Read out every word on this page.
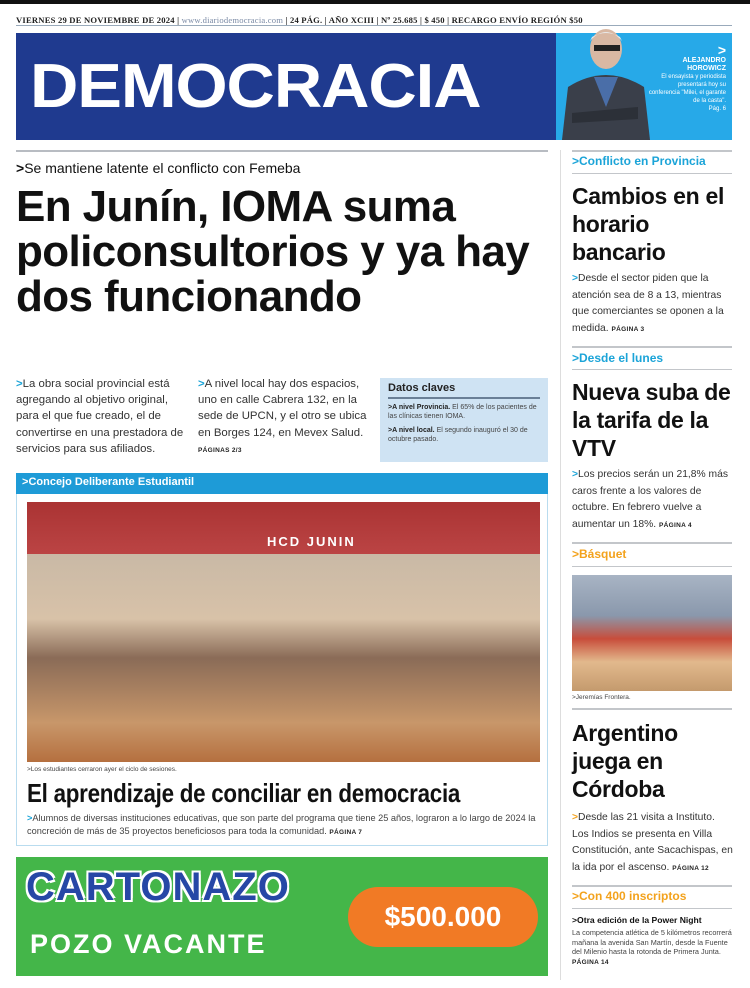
VIERNES 29 DE NOVIEMBRE DE 2024 | www.diariodemocracia.com | 24 PÁG. | AÑO XCIII | Nº 25.685 | $ 450 | RECARGO ENVÍO REGIÓN $50
DEMOCRACIA
>
ALEJANDRO HOROWICZ
El ensayista y periodista presentará hoy su conferencia "Milei, el garante de la casta".
Pág. 6
>Se mantiene latente el conflicto con Femeba
En Junín, IOMA suma policonsultorios y ya hay dos funcionando
>La obra social provincial está agregando al objetivo original, para el que fue creado, el de convertirse en una prestadora de servicios para sus afiliados.
>A nivel local hay dos espacios, uno en calle Cabrera 132, en la sede de UPCN, y el otro se ubica en Borges 124, en Mevex Salud. PÁGINAS 2/3
Datos claves

>A nivel Provincia. El 65% de los pacientes de las clínicas tienen IOMA.

>A nivel local. El segundo inauguró el 30 de octubre pasado.

>Concejo Deliberante Estudiantil
HCD JUNIN
>Los estudiantes cerraron ayer el ciclo de sesiones.
El aprendizaje de conciliar en democracia
>Alumnos de diversas instituciones educativas, que son parte del programa que tiene 25 años, lograron a lo largo de 2024 la concreción de más de 35 proyectos beneficiosos para toda la comunidad. PÁGINA 7
CARTONAZO
POZO VACANTE
$500.000
>Conflicto en Provincia
Cambios en el horario bancario
>Desde el sector piden que la atención sea de 8 a 13, mientras que comerciantes se oponen a la medida. PÁGINA 3
>Desde el lunes
Nueva suba de la tarifa de la VTV
>Los precios serán un 21,8% más caros frente a los valores de octubre. En febrero vuelve a aumentar un 18%. PÁGINA 4
>Básquet
>Jeremías Frontera.
Argentino juega en Córdoba
>Desde las 21 visita a Instituto. Los Indios se presenta en Villa Constitución, ante Sacachispas, en la ida por el ascenso. PÁGINA 12
>Con 400 inscriptos
>Otra edición de la Power Night
La competencia atlética de 5 kilómetros recorrerá mañana la avenida San Martín, desde la Fuente del Milenio hasta la rotonda de Primera Junta. PÁGINA 14
